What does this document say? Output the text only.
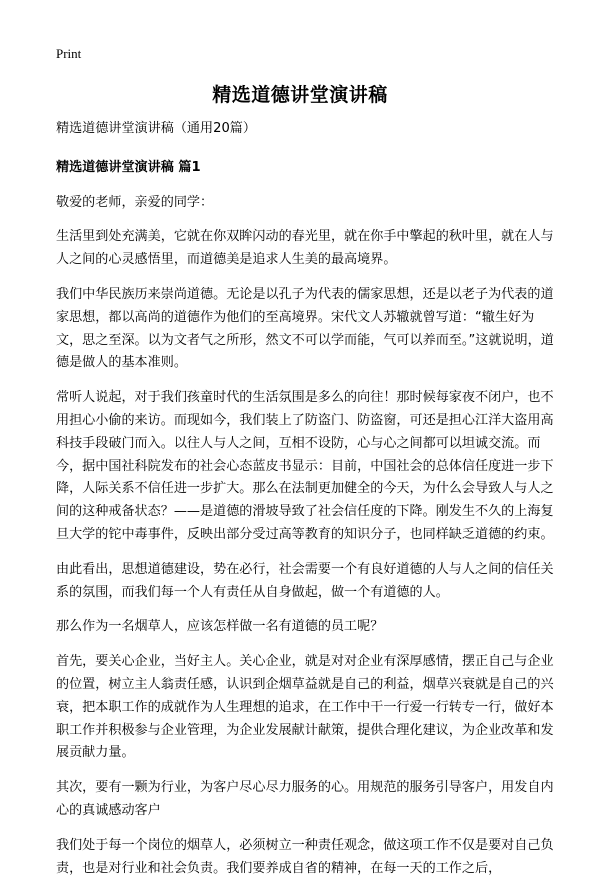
Print
精选道德讲堂演讲稿

精选道德讲堂演讲稿（通用20篇）

精选道德讲堂演讲稿 篇1

敬爱的老师，亲爱的同学：

生活里到处充满美，它就在你双眸闪动的春光里，就在你手中擎起的秋叶里，就在人与人之间的心灵感悟里，而道德美是追求人生美的最高境界。

我们中华民族历来崇尚道德。无论是以孔子为代表的儒家思想，还是以老子为代表的道家思想，都以高尚的道德作为他们的至高境界。宋代文人苏辙就曾写道：“辙生好为文，思之至深。以为文者气之所形，然文不可以学而能，气可以养而至。”这就说明，道德是做人的基本准则。

常听人说起，对于我们孩童时代的生活氛围是多么的向往！那时候每家夜不闭户，也不用担心小偷的来访。而现如今，我们装上了防盗门、防盗窗，可还是担心江洋大盗用高科技手段破门而入。以往人与人之间，互相不设防，心与心之间都可以坦诚交流。而今，据中国社科院发布的社会心态蓝皮书显示：目前，中国社会的总体信任度进一步下降，人际关系不信任进一步扩大。那么在法制更加健全的今天，为什么会导致人与人之间的这种戒备状态？——是道德的滑坡导致了社会信任度的下降。刚发生不久的上海复旦大学的铊中毒事件，反映出部分受过高等教育的知识分子，也同样缺乏道德的约束。

由此看出，思想道德建设，势在必行，社会需要一个有良好道德的人与人之间的信任关系的氛围，而我们每一个人有责任从自身做起，做一个有道德的人。

那么作为一名烟草人，应该怎样做一名有道德的员工呢？

首先，要关心企业，当好主人。关心企业，就是对对企业有深厚感情，摆正自己与企业的位置，树立主人翁责任感，认识到企烟草益就是自己的利益，烟草兴衰就是自己的兴衰，把本职工作的成就作为人生理想的追求，在工作中干一行爱一行转专一行，做好本职工作并积极参与企业管理，为企业发展献计献策，提供合理化建议，为企业改革和发展贡献力量。

其次，要有一颗为行业，为客户尽心尽力服务的心。用规范的服务引导客户，用发自内心的真诚感动客户

我们处于每一个岗位的烟草人，必须树立一种责任观念，做这项工作不仅是要对自己负责，也是对行业和社会负责。我们要养成自省的精神，在每一天的工作之后，
